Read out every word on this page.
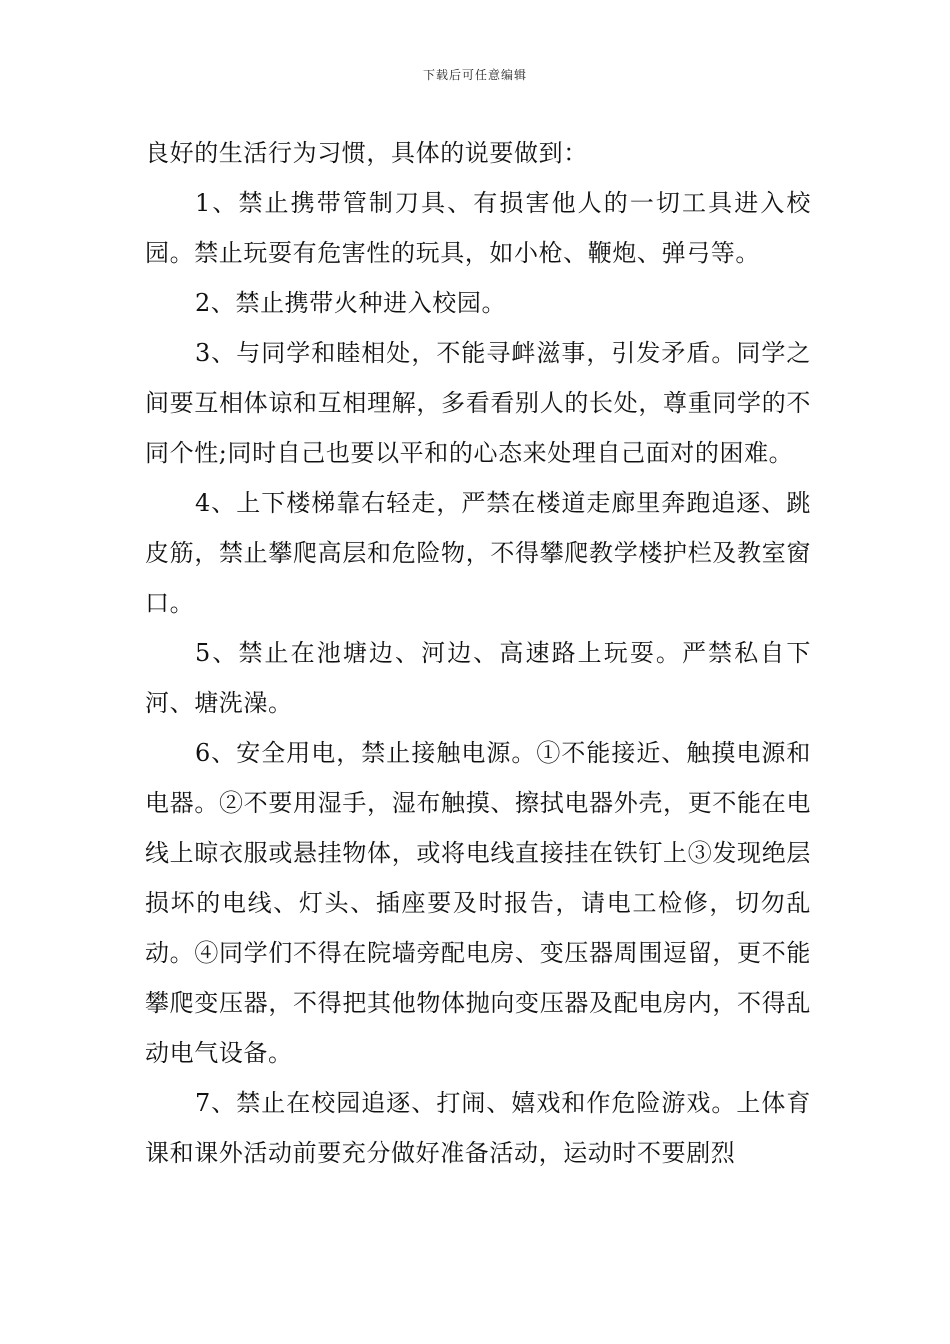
下载后可任意编辑

良好的生活行为习惯，具体的说要做到：

1、禁止携带管制刀具、有损害他人的一切工具进入校园。禁止玩耍有危害性的玩具，如小枪、鞭炮、弹弓等。

2、禁止携带火种进入校园。

3、与同学和睦相处，不能寻衅滋事，引发矛盾。同学之间要互相体谅和互相理解，多看看别人的长处，尊重同学的不同个性;同时自己也要以平和的心态来处理自己面对的困难。

4、上下楼梯靠右轻走，严禁在楼道走廊里奔跑追逐、跳皮筋，禁止攀爬高层和危险物，不得攀爬教学楼护栏及教室窗口。

5、禁止在池塘边、河边、高速路上玩耍。严禁私自下河、塘洗澡。

6、安全用电，禁止接触电源。①不能接近、触摸电源和电器。②不要用湿手，湿布触摸、擦拭电器外壳，更不能在电线上晾衣服或悬挂物体，或将电线直接挂在铁钉上③发现绝层损坏的电线、灯头、插座要及时报告，请电工检修，切勿乱动。④同学们不得在院墙旁配电房、变压器周围逗留，更不能攀爬变压器，不得把其他物体抛向变压器及配电房内，不得乱动电气设备。

7、禁止在校园追逐、打闹、嬉戏和作危险游戏。上体育课和课外活动前要充分做好准备活动，运动时不要剧烈
